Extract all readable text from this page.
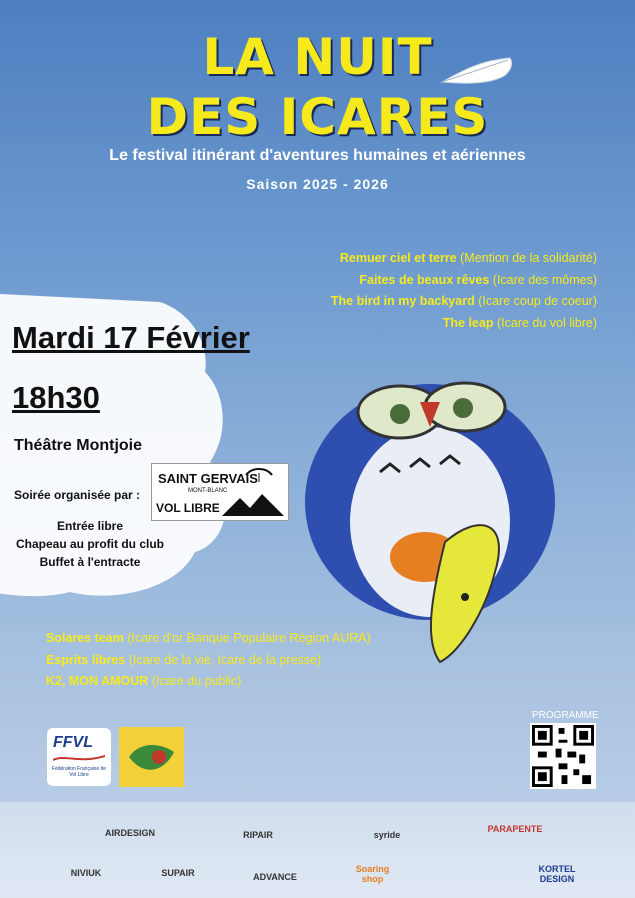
LA NUIT
DES ICARES
Le festival itinérant d'aventures humaines et aériennes
Saison 2025 - 2026
Remuer ciel et terre (Mention de la solidarité)
Faites de beaux rêves (Icare des mômes)
The bird in my backyard (Icare coup de coeur)
The leap (Icare du vol libre)
Mardi 17 Février
18h30
Théâtre Montjoie
Soirée organisée par :
SAINT GERVAIS
MONT-BLANC
VOL LIBRE
Entrée libre
Chapeau au profit du club
Buffet à l'entracte
Solares team (Icare d'or Banque Populaire Région AURA)
Esprits libres (Icare de la vie, Icare de la presse)
K2, MON AMOUR (Icare du public)
FFVL
Fédération Française de Vol Libre
PROGRAMME
AIRDESIGN	RIPAIR	syride
PARAPENTE
NIVIUK	SUPAIR	ADVANCE
Soaring shop
KORTEL DESIGN
